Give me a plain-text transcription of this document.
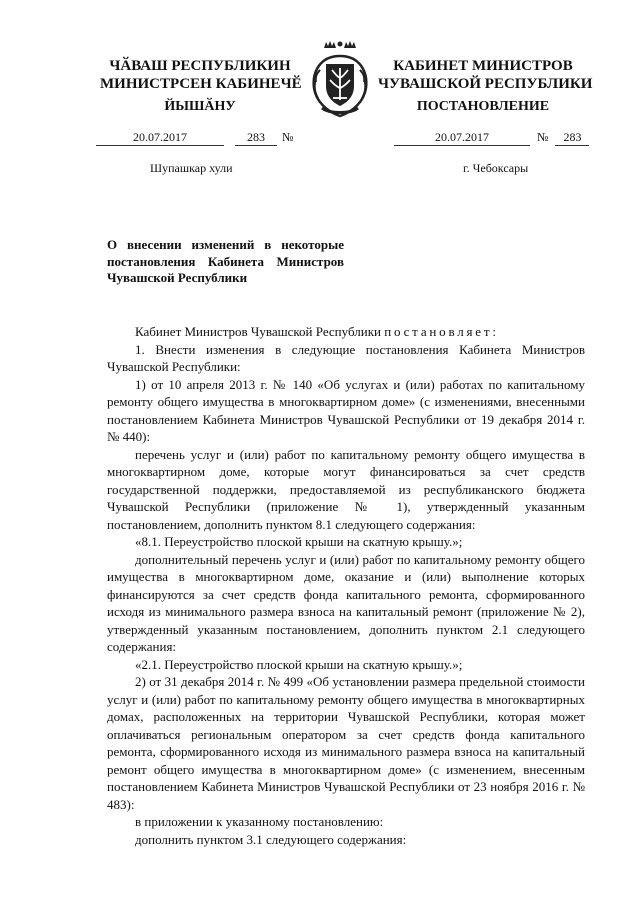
ЧӐВАШ РЕСПУБЛИКИН
МИНИСТРСЕН КАБИНЕЧӖ
ЙЫШӐНУ
КАБИНЕТ МИНИСТРОВ
ЧУВАШСКОЙ РЕСПУБЛИКИ
ПОСТАНОВЛЕНИЕ
20.07.2017	283 №	20.07.2017	№ 283
Шупашкар хули	г. Чебоксары
О внесении изменений в некоторые постановления Кабинета Министров Чувашской Республики

Кабинет Министров Чувашской Республики постановляет:

1. Внести изменения в следующие постановления Кабинета Министров Чувашской Республики:

1) от 10 апреля 2013 г. № 140 «Об услугах и (или) работах по капитальному ремонту общего имущества в многоквартирном доме» (с изменениями, внесенными постановлением Кабинета Министров Чувашской Республики от 19 декабря 2014 г. № 440):

перечень услуг и (или) работ по капитальному ремонту общего имущества в многоквартирном доме, которые могут финансироваться за счет средств государственной поддержки, предоставляемой из республиканского бюджета Чувашской Республики (приложение № 1), утвержденный указанным постановлением, дополнить пунктом 8.1 следующего содержания:

«8.1. Переустройство плоской крыши на скатную крышу.»;

дополнительный перечень услуг и (или) работ по капитальному ремонту общего имущества в многоквартирном доме, оказание и (или) выполнение которых финансируются за счет средств фонда капитального ремонта, сформированного исходя из минимального размера взноса на капитальный ремонт (приложение № 2), утвержденный указанным постановлением, дополнить пунктом 2.1 следующего содержания:

«2.1. Переустройство плоской крыши на скатную крышу.»;

2) от 31 декабря 2014 г. № 499 «Об установлении размера предельной стоимости услуг и (или) работ по капитальному ремонту общего имущества в многоквартирных домах, расположенных на территории Чувашской Республики, которая может оплачиваться региональным оператором за счет средств фонда капитального ремонта, сформированного исходя из минимального размера взноса на капитальный ремонт общего имущества в многоквартирном доме» (с изменением, внесенным постановлением Кабинета Министров Чувашской Республики от 23 ноября 2016 г. № 483):

в приложении к указанному постановлению:

дополнить пунктом 3.1 следующего содержания:
